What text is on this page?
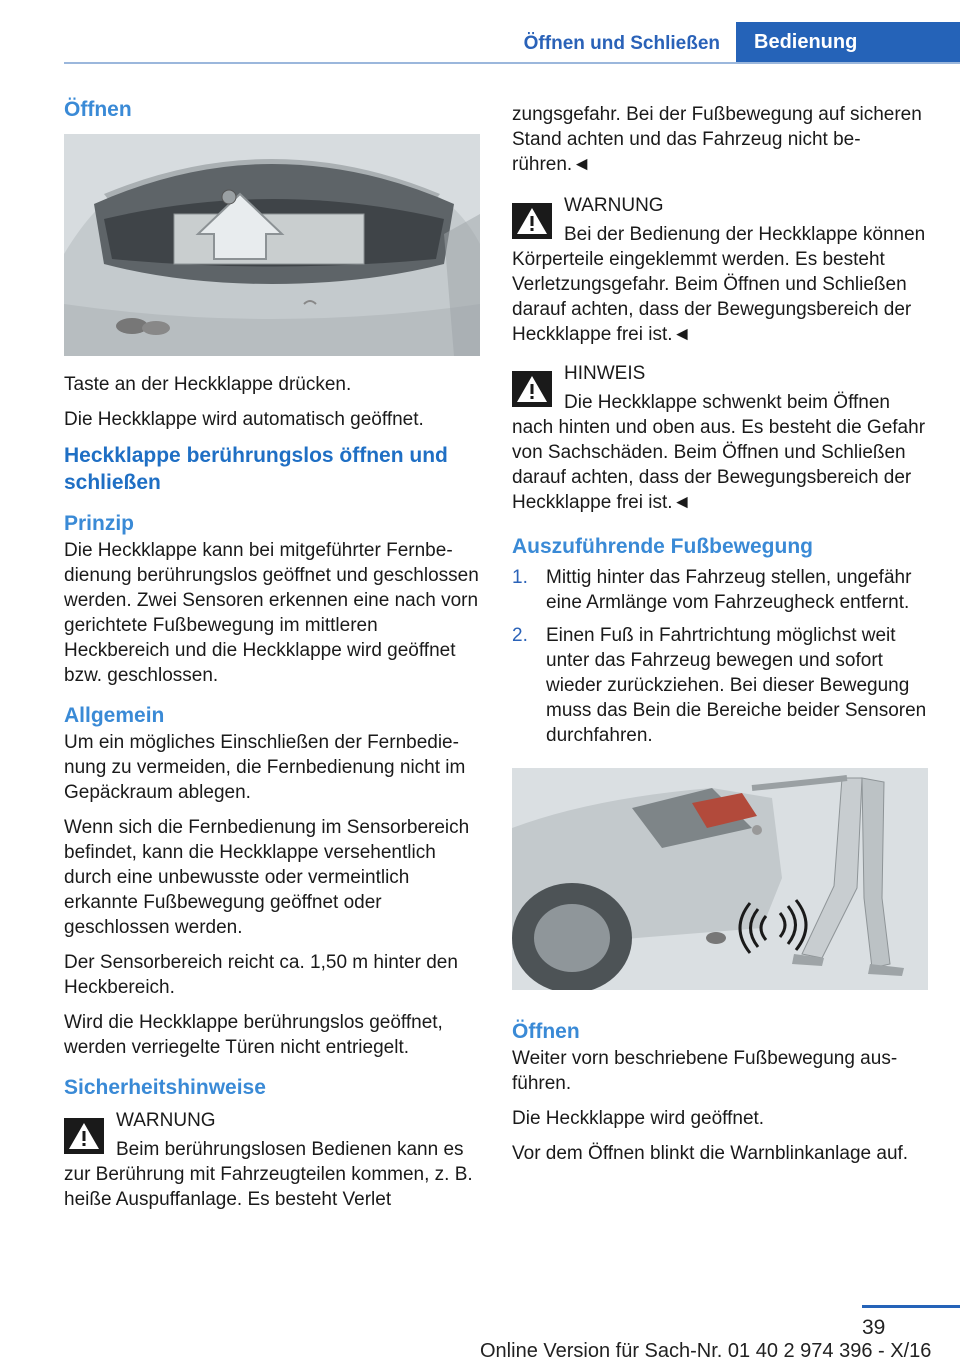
Öffnen und Schließen	Bedienung
Öffnen

Taste an der Heckklappe drücken.

Die Heckklappe wird automatisch geöffnet.

Heckklappe berührungslos öffnen und schließen
Prinzip

Die Heckklappe kann bei mitgeführter Fernbedienung berührungslos geöffnet und geschlossen werden. Zwei Sensoren erkennen eine nach vorn gerichtete Fußbewegung im mittleren Heckbereich und die Heckklappe wird geöffnet bzw. geschlossen.

Allgemein

Um ein mögliches Einschließen der Fernbedienung zu vermeiden, die Fernbedienung nicht im Gepäckraum ablegen.

Wenn sich die Fernbedienung im Sensorbereich befindet, kann die Heckklappe versehentlich durch eine unbewusste oder vermeintlich erkannte Fußbewegung geöffnet oder geschlossen werden.

Der Sensorbereich reicht ca. 1,50 m hinter den Heckbereich.

Wird die Heckklappe berührungslos geöffnet, werden verriegelte Türen nicht entriegelt.

Sicherheitshinweise
WARNUNG
Beim berührungslosen Bedienen kann es zur Berührung mit Fahrzeugteilen kommen, z. B. heiße Auspuffanlage. Es besteht Verlet

zungsgefahr. Bei der Fußbewegung auf sicheren Stand achten und das Fahrzeug nicht berühren.◄

WARNUNG
Bei der Bedienung der Heckklappe können Körperteile eingeklemmt werden. Es besteht Verletzungsgefahr. Beim Öffnen und Schließen darauf achten, dass der Bewegungsbereich der Heckklappe frei ist.◄
HINWEIS
Die Heckklappe schwenkt beim Öffnen nach hinten und oben aus. Es besteht die Gefahr von Sachschäden. Beim Öffnen und Schließen darauf achten, dass der Bewegungsbereich der Heckklappe frei ist.◄
Auszuführende Fußbewegung
1. Mittig hinter das Fahrzeug stellen, ungefähr eine Armlänge vom Fahrzeugheck entfernt.
2. Einen Fuß in Fahrtrichtung möglichst weit unter das Fahrzeug bewegen und sofort wieder zurückziehen. Bei dieser Bewegung muss das Bein die Bereiche beider Sensoren durchfahren.
Öffnen

Weiter vorn beschriebene Fußbewegung ausführen.

Die Heckklappe wird geöffnet.

Vor dem Öffnen blinkt die Warnblinkanlage auf.

39
Online Version für Sach-Nr. 01 40 2 974 396 - X/16
